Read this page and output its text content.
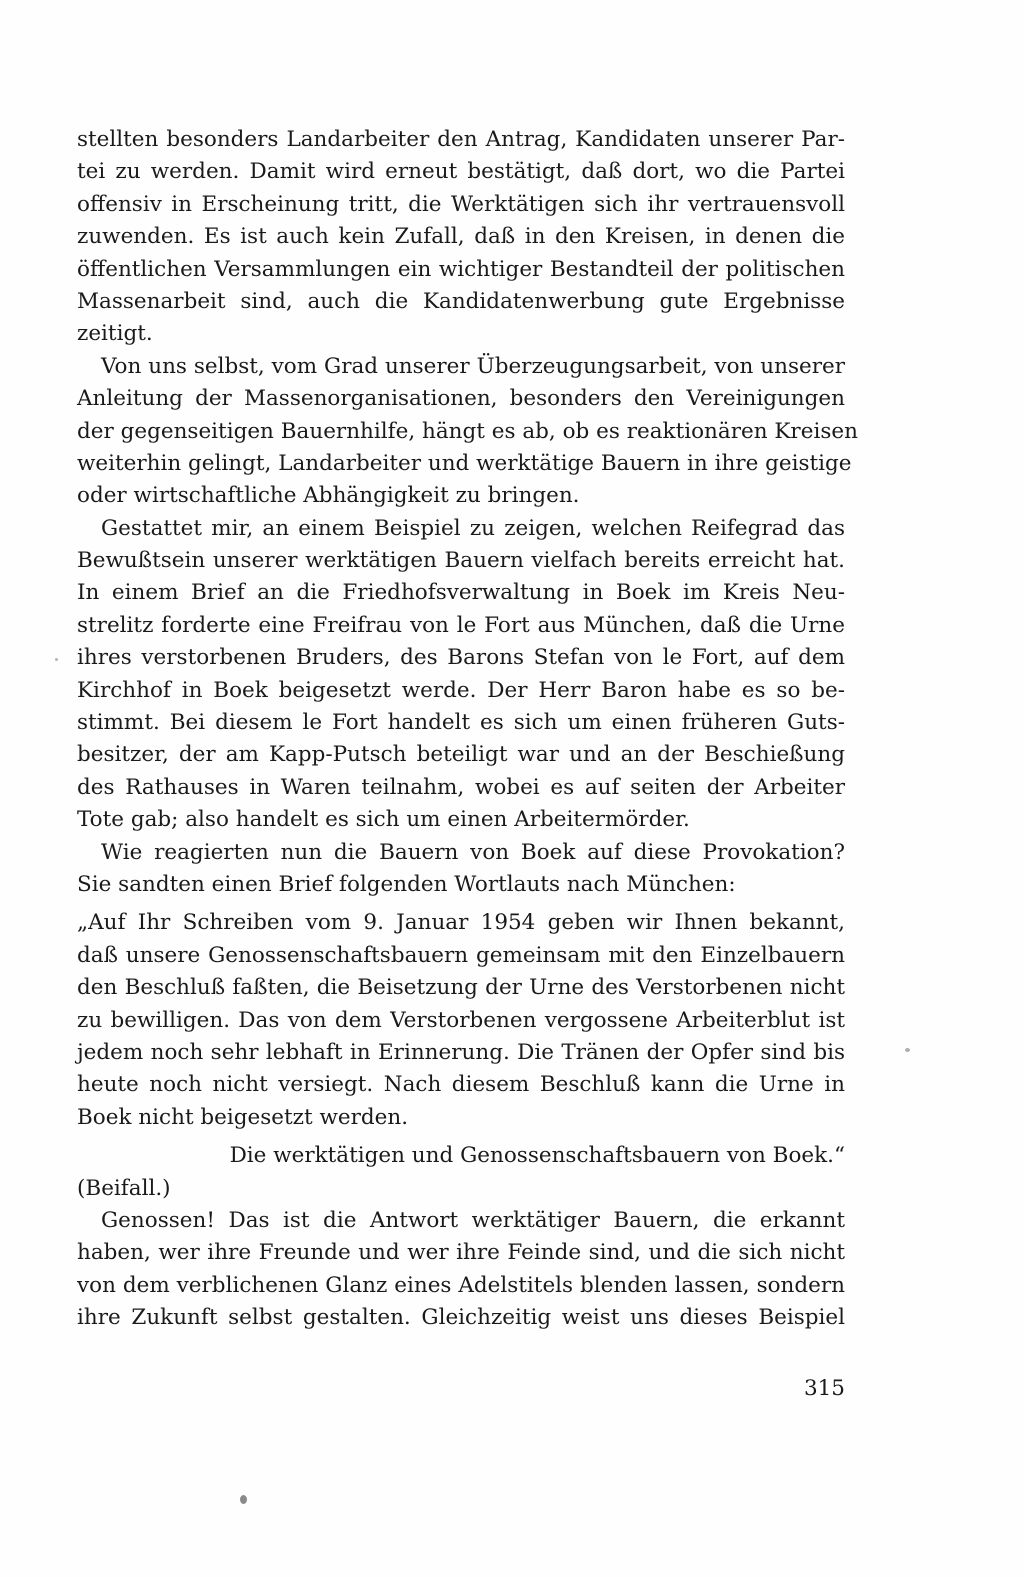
stellten besonders Landarbeiter den Antrag, Kandidaten unserer Par-
tei zu werden. Damit wird erneut bestätigt, daß dort, wo die Partei
offensiv in Erscheinung tritt, die Werktätigen sich ihr vertrauensvoll
zuwenden. Es ist auch kein Zufall, daß in den Kreisen, in denen die
öffentlichen Versammlungen ein wichtiger Bestandteil der politischen
Massenarbeit sind, auch die Kandidatenwerbung gute Ergebnisse
zeitigt.
Von uns selbst, vom Grad unserer Überzeugungsarbeit, von unserer
Anleitung der Massenorganisationen, besonders den Vereinigungen
der gegenseitigen Bauernhilfe, hängt es ab, ob es reaktionären Kreisen
weiterhin gelingt, Landarbeiter und werktätige Bauern in ihre geistige
oder wirtschaftliche Abhängigkeit zu bringen.
Gestattet mir, an einem Beispiel zu zeigen, welchen Reifegrad das
Bewußtsein unserer werktätigen Bauern vielfach bereits erreicht hat.
In einem Brief an die Friedhofsverwaltung in Boek im Kreis Neu-
strelitz forderte eine Freifrau von le Fort aus München, daß die Urne
ihres verstorbenen Bruders, des Barons Stefan von le Fort, auf dem
Kirchhof in Boek beigesetzt werde. Der Herr Baron habe es so be-
stimmt. Bei diesem le Fort handelt es sich um einen früheren Guts-
besitzer, der am Kapp-Putsch beteiligt war und an der Beschießung
des Rathauses in Waren teilnahm, wobei es auf seiten der Arbeiter
Tote gab; also handelt es sich um einen Arbeitermörder.
Wie reagierten nun die Bauern von Boek auf diese Provokation?
Sie sandten einen Brief folgenden Wortlauts nach München:
„Auf Ihr Schreiben vom 9. Januar 1954 geben wir Ihnen bekannt,
daß unsere Genossenschaftsbauern gemeinsam mit den Einzelbauern
den Beschluß faßten, die Beisetzung der Urne des Verstorbenen nicht
zu bewilligen. Das von dem Verstorbenen vergossene Arbeiterblut ist
jedem noch sehr lebhaft in Erinnerung. Die Tränen der Opfer sind bis
heute noch nicht versiegt. Nach diesem Beschluß kann die Urne in
Boek nicht beigesetzt werden.
Die werktätigen und Genossenschaftsbauern von Boek.“
(Beifall.)
Genossen! Das ist die Antwort werktätiger Bauern, die erkannt
haben, wer ihre Freunde und wer ihre Feinde sind, und die sich nicht
von dem verblichenen Glanz eines Adelstitels blenden lassen, sondern
ihre Zukunft selbst gestalten. Gleichzeitig weist uns dieses Beispiel
315
